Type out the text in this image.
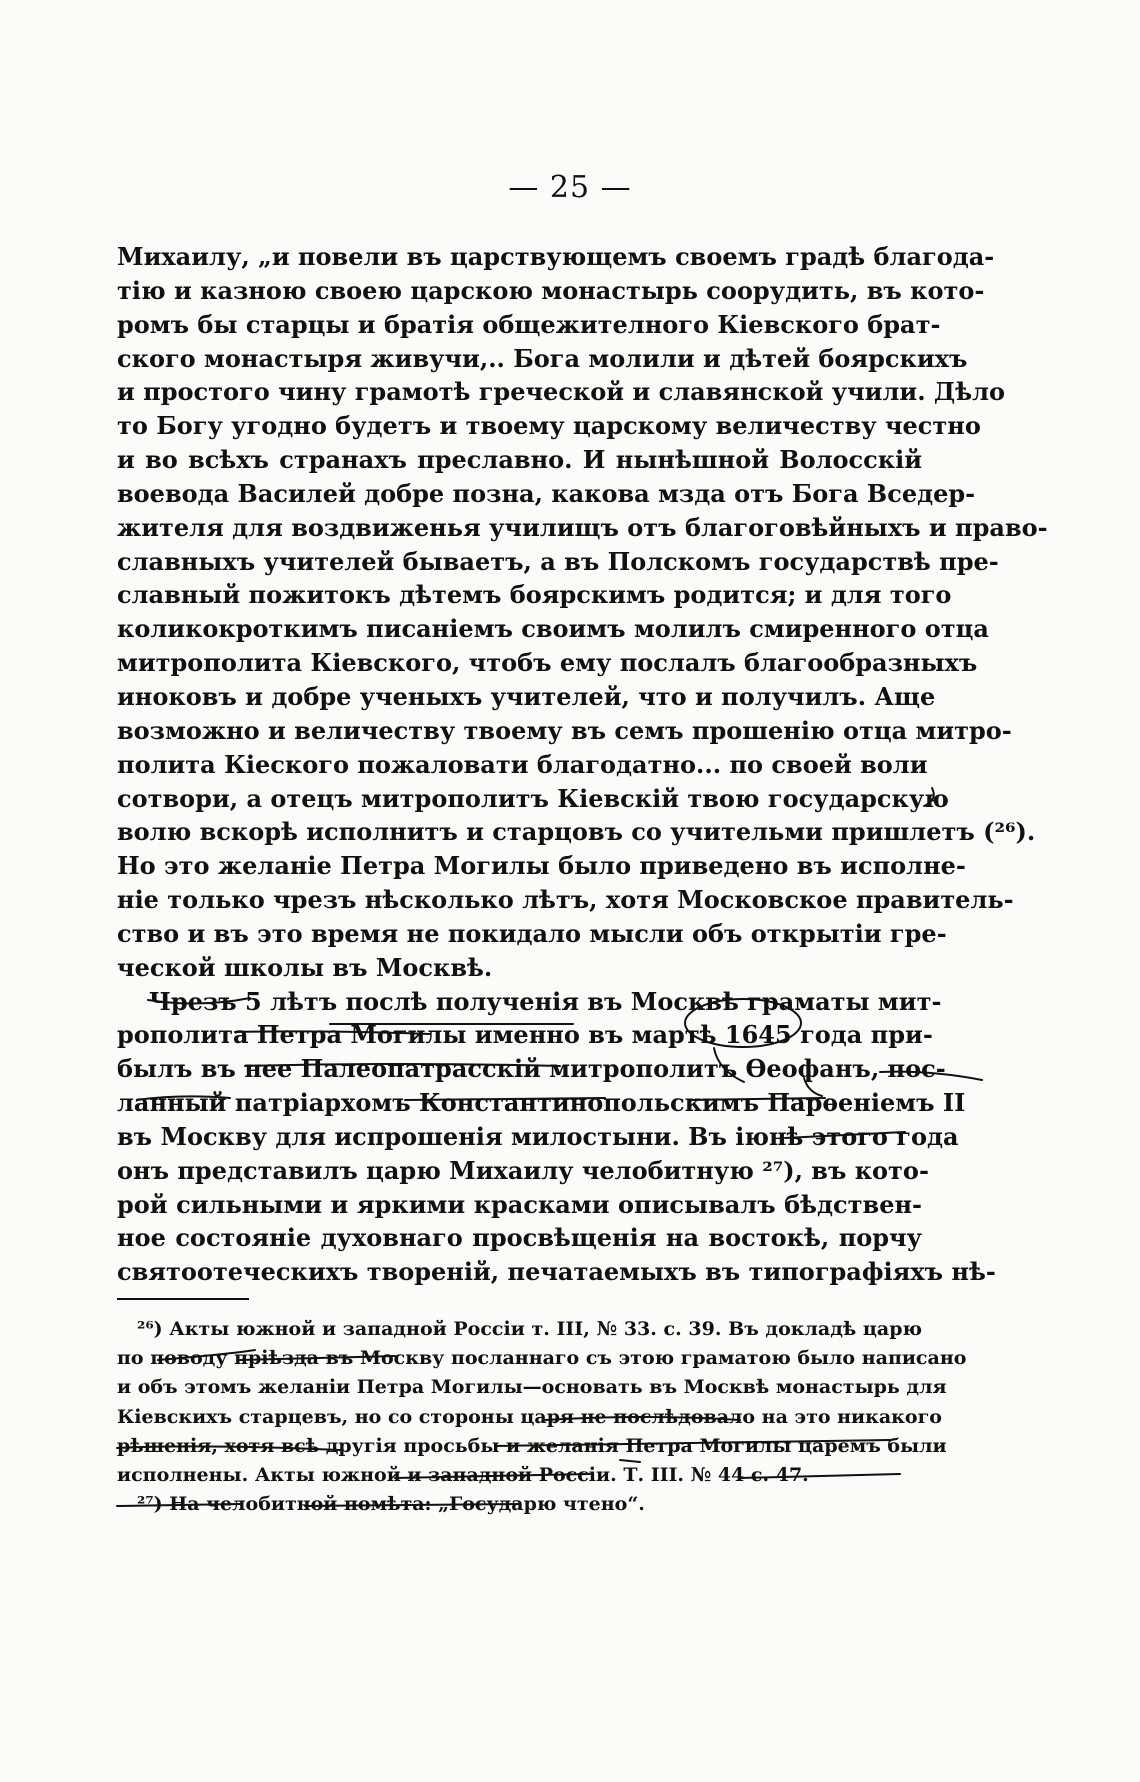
— 25 —
Михаилу, „и повели въ царствующемъ своемъ градѣ благода-
тiю и казною своею царскою монастырь соорудить, въ кото-
ромъ бы старцы и братiя общежителного Кiевского брат-
ского монастыря живучи,.. Бога молили и дѣтей боярскихъ
и простого чину грамотѣ греческой и славянской учили. Дѣло
то Богу угодно будетъ и твоему царскому величеству честно
и во всѣхъ странахъ преславно. И нынѣшной Волосскiй
воевода Василей добре позна, какова мзда отъ Бога Вседер-
жителя для воздвиженья училищъ отъ благоговѣйныхъ и право-
славныхъ учителей бываетъ, а въ Полскомъ государствѣ пре-
славный пожитокъ дѣтемъ боярскимъ родится; и для того
коликокроткимъ писанiемъ своимъ молилъ смиренного отца
митрополита Кiевского, чтобъ ему послалъ благообразныхъ
иноковъ и добре ученыхъ учителей, что и получилъ. Аще
возможно и величеству твоему въ семъ прошенiю отца митро-
полита Кiеского пожаловати благодатно... по своей воли
сотвори, а отецъ митрополитъ Кiевскiй твою государскую
волю вскорѣ исполнитъ и старцовъ со учительми пришлетъ (²⁶).
Но это желанiе Петра Могилы было приведено въ исполне-
нiе только чрезъ нѣсколько лѣтъ, хотя Московское правитель-
ство и въ это время не покидало мысли объ открытiи гре-
ческой школы въ Москвѣ.
Чрезъ 5 лѣтъ послѣ полученiя въ Москвѣ грамaты мит-
рополита Петра Могилы именно въ мартѣ 1645 года при-
былъ въ нее Палеопатрасскiй митрополитъ Ѳеофанъ, пос-
ланный патрiархомъ Константинопольскимъ Парѳенiемъ II
въ Москву для испрошенiя милостыни. Въ iюнѣ этого года
онъ представилъ царю Михаилу челобитную ²⁷), въ кото-
рой сильными и яркими красками описывалъ бѣдствен-
ное состоянiе духовнаго просвѣщенiя на востокѣ, порчу
святоотеческихъ творенiй, печатаемыхъ въ типографiяхъ нѣ-
²⁶) Акты южной и западной Россiи т. III, № 33. с. 39. Въ докладѣ царю
по поводу прiѣзда въ Москву посланнаго съ этою грамaтою было написано
и объ этомъ желанiи Петра Могилы—основать въ Москвѣ монастырь для
Кiевскихъ старцевъ, но со стороны царя не послѣдовало на это никакого
рѣшенiя, хотя всѣ другiя просьбы и желанiя Петра Могилы царемъ были
исполнены. Акты южной и западной Россiи. Т. III. № 44 с. 47.
²⁷) На челобитной помѣта: „Государю чтено“.
